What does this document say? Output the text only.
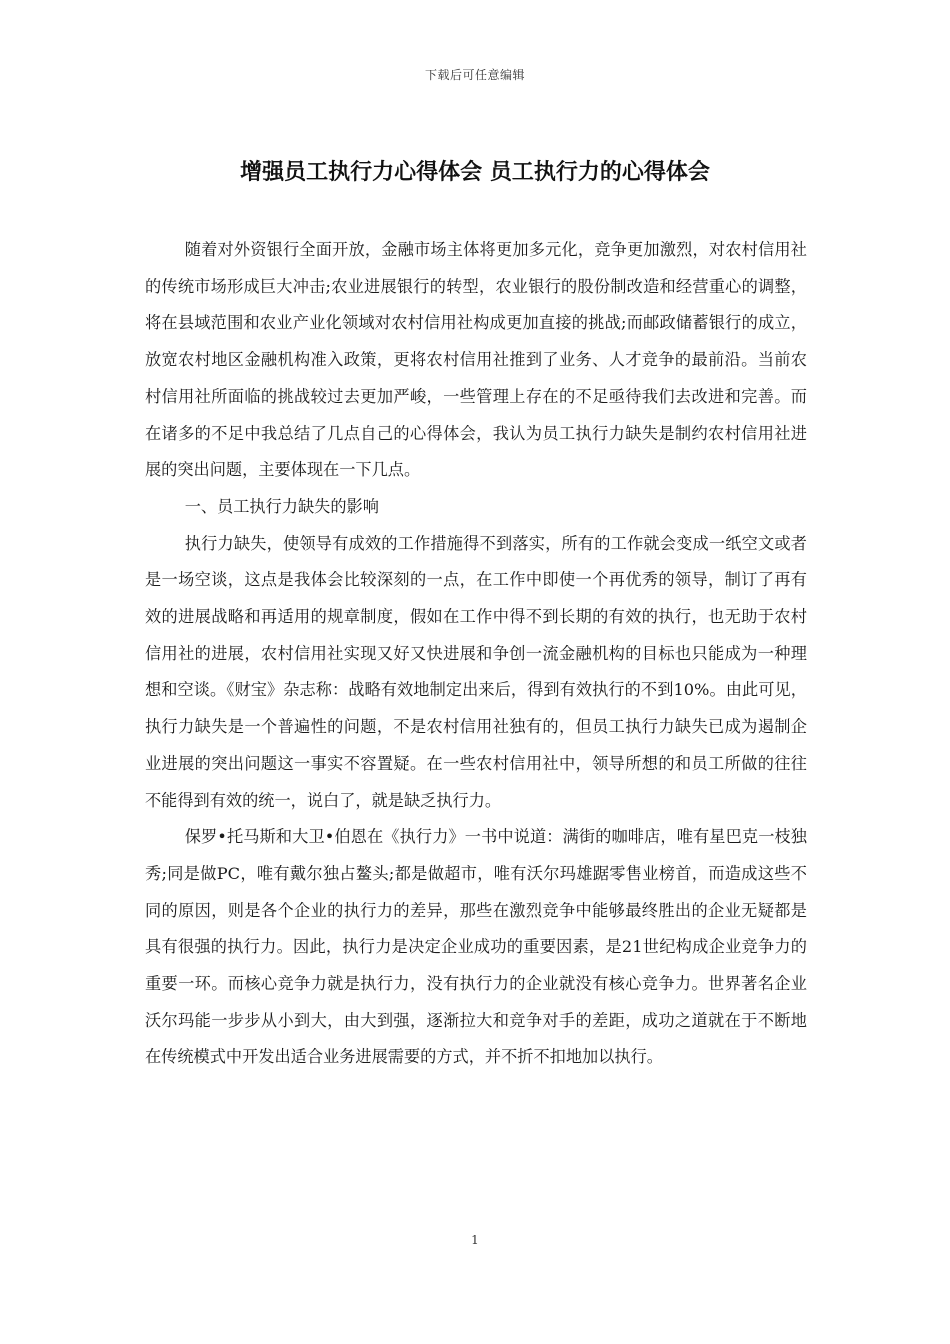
下载后可任意编辑
增强员工执行力心得体会 员工执行力的心得体会

随着对外资银行全面开放，金融市场主体将更加多元化，竞争更加激烈，对农村信用社的传统市场形成巨大冲击;农业进展银行的转型，农业银行的股份制改造和经营重心的调整，将在县域范围和农业产业化领域对农村信用社构成更加直接的挑战;而邮政储蓄银行的成立，放宽农村地区金融机构准入政策，更将农村信用社推到了业务、人才竞争的最前沿。当前农村信用社所面临的挑战较过去更加严峻，一些管理上存在的不足亟待我们去改进和完善。而在诸多的不足中我总结了几点自己的心得体会，我认为员工执行力缺失是制约农村信用社进展的突出问题，主要体现在一下几点。

一、员工执行力缺失的影响

执行力缺失，使领导有成效的工作措施得不到落实，所有的工作就会变成一纸空文或者是一场空谈，这点是我体会比较深刻的一点，在工作中即使一个再优秀的领导，制订了再有效的进展战略和再适用的规章制度，假如在工作中得不到长期的有效的执行，也无助于农村信用社的进展，农村信用社实现又好又快进展和争创一流金融机构的目标也只能成为一种理想和空谈。《财宝》杂志称：战略有效地制定出来后，得到有效执行的不到10%。由此可见，执行力缺失是一个普遍性的问题，不是农村信用社独有的，但员工执行力缺失已成为遏制企业进展的突出问题这一事实不容置疑。在一些农村信用社中，领导所想的和员工所做的往往不能得到有效的统一，说白了，就是缺乏执行力。

保罗•托马斯和大卫•伯恩在《执行力》一书中说道：满街的咖啡店，唯有星巴克一枝独秀;同是做PC，唯有戴尔独占鳌头;都是做超市，唯有沃尔玛雄踞零售业榜首，而造成这些不同的原因，则是各个企业的执行力的差异，那些在激烈竞争中能够最终胜出的企业无疑都是具有很强的执行力。因此，执行力是决定企业成功的重要因素，是21世纪构成企业竞争力的重要一环。而核心竞争力就是执行力，没有执行力的企业就没有核心竞争力。世界著名企业沃尔玛能一步步从小到大，由大到强，逐渐拉大和竞争对手的差距，成功之道就在于不断地在传统模式中开发出适合业务进展需要的方式，并不折不扣地加以执行。

1
